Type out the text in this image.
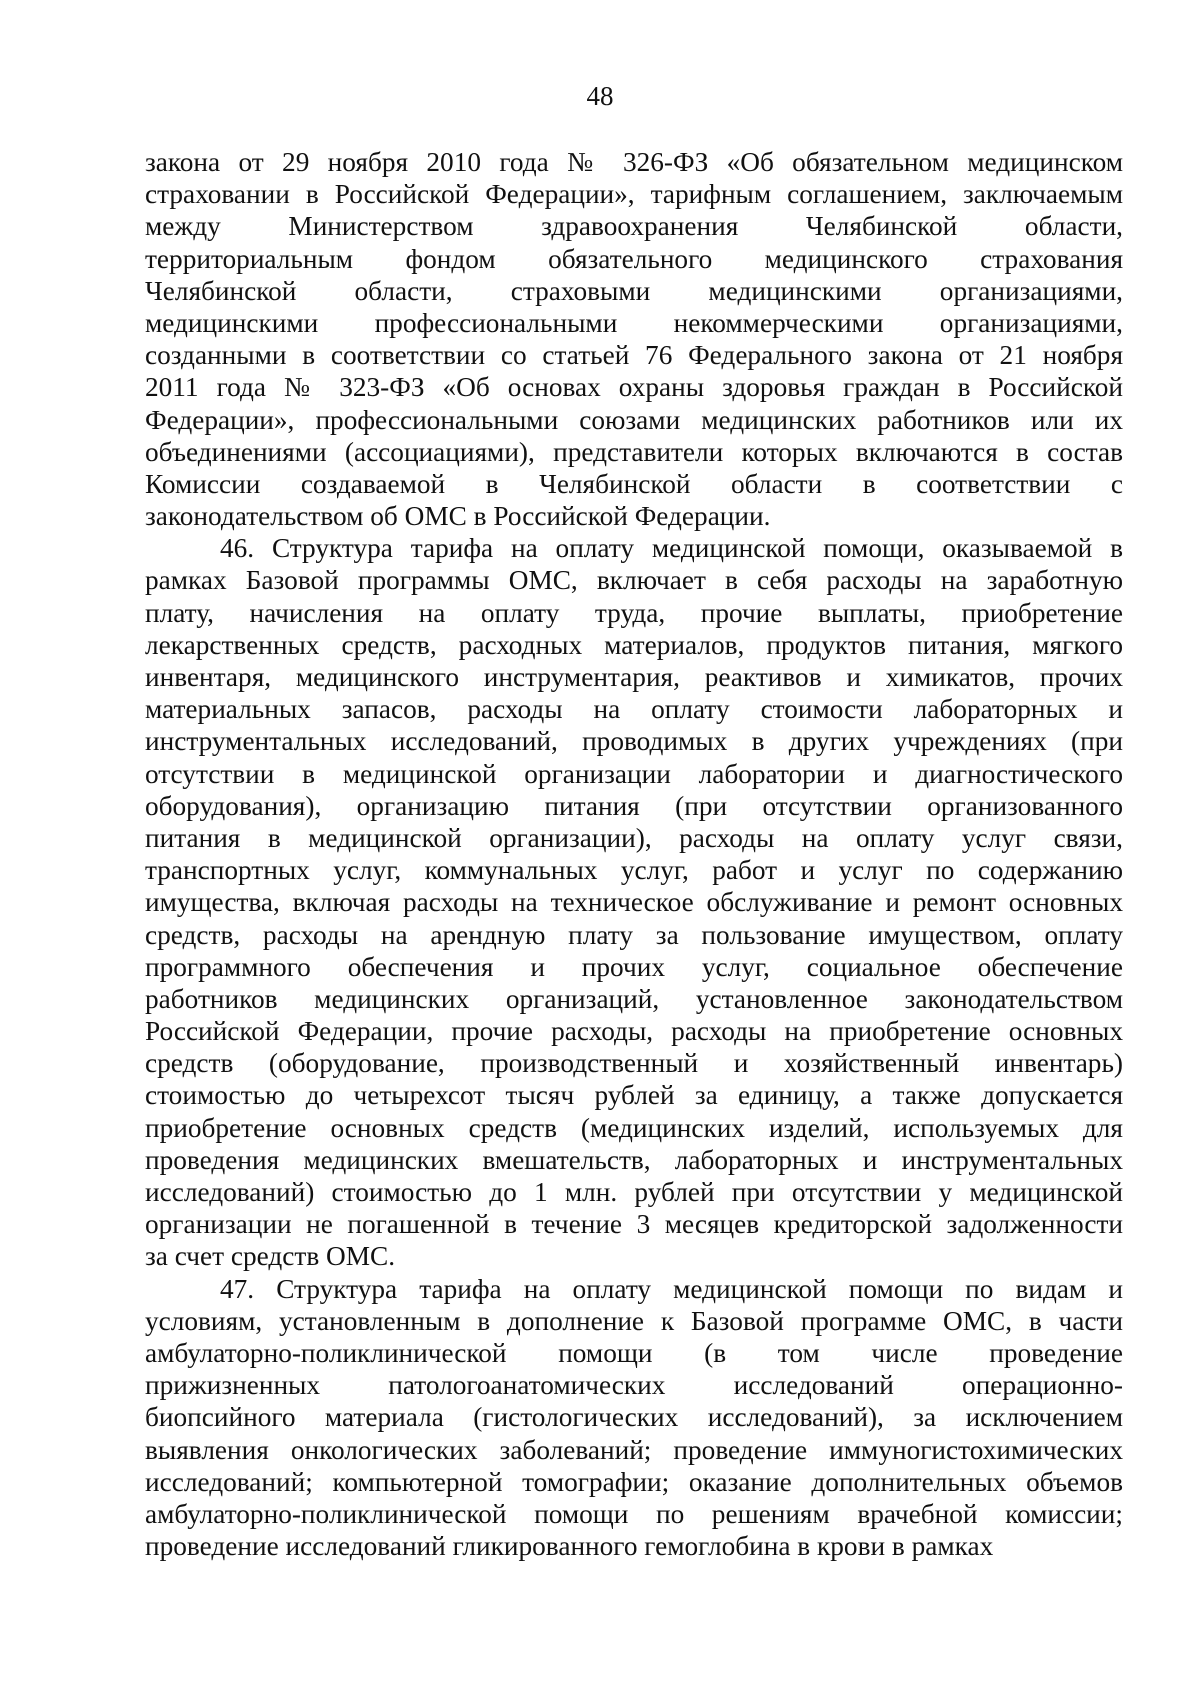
48
закона от 29 ноября 2010 года № 326-ФЗ «Об обязательном медицинском
страховании в Российской Федерации», тарифным соглашением, заключаемым
между Министерством здравоохранения Челябинской области,
территориальным фондом обязательного медицинского страхования
Челябинской области, страховыми медицинскими организациями,
медицинскими профессиональными некоммерческими организациями,
созданными в соответствии со статьей 76 Федерального закона от 21 ноября
2011 года № 323-ФЗ «Об основах охраны здоровья граждан в Российской
Федерации», профессиональными союзами медицинских работников или их
объединениями (ассоциациями), представители которых включаются в состав
Комиссии создаваемой в Челябинской области в соответствии с
законодательством об ОМС в Российской Федерации.
46. Структура тарифа на оплату медицинской помощи, оказываемой в
рамках Базовой программы ОМС, включает в себя расходы на заработную
плату, начисления на оплату труда, прочие выплаты, приобретение
лекарственных средств, расходных материалов, продуктов питания, мягкого
инвентаря, медицинского инструментария, реактивов и химикатов, прочих
материальных запасов, расходы на оплату стоимости лабораторных и
инструментальных исследований, проводимых в других учреждениях (при
отсутствии в медицинской организации лаборатории и диагностического
оборудования), организацию питания (при отсутствии организованного
питания в медицинской организации), расходы на оплату услуг связи,
транспортных услуг, коммунальных услуг, работ и услуг по содержанию
имущества, включая расходы на техническое обслуживание и ремонт основных
средств, расходы на арендную плату за пользование имуществом, оплату
программного обеспечения и прочих услуг, социальное обеспечение
работников медицинских организаций, установленное законодательством
Российской Федерации, прочие расходы, расходы на приобретение основных
средств (оборудование, производственный и хозяйственный инвентарь)
стоимостью до четырехсот тысяч рублей за единицу, а также допускается
приобретение основных средств (медицинских изделий, используемых для
проведения медицинских вмешательств, лабораторных и инструментальных
исследований) стоимостью до 1 млн. рублей при отсутствии у медицинской
организации не погашенной в течение 3 месяцев кредиторской задолженности
за счет средств ОМС.
47. Структура тарифа на оплату медицинской помощи по видам и
условиям, установленным в дополнение к Базовой программе ОМС, в части
амбулаторно-поликлинической помощи (в том числе проведение
прижизненных патологоанатомических исследований операционно-
биопсийного материала (гистологических исследований), за исключением
выявления онкологических заболеваний; проведение иммуногистохимических
исследований; компьютерной томографии; оказание дополнительных объемов
амбулаторно-поликлинической помощи по решениям врачебной комиссии;
проведение исследований гликированного гемоглобина в крови в рамках
